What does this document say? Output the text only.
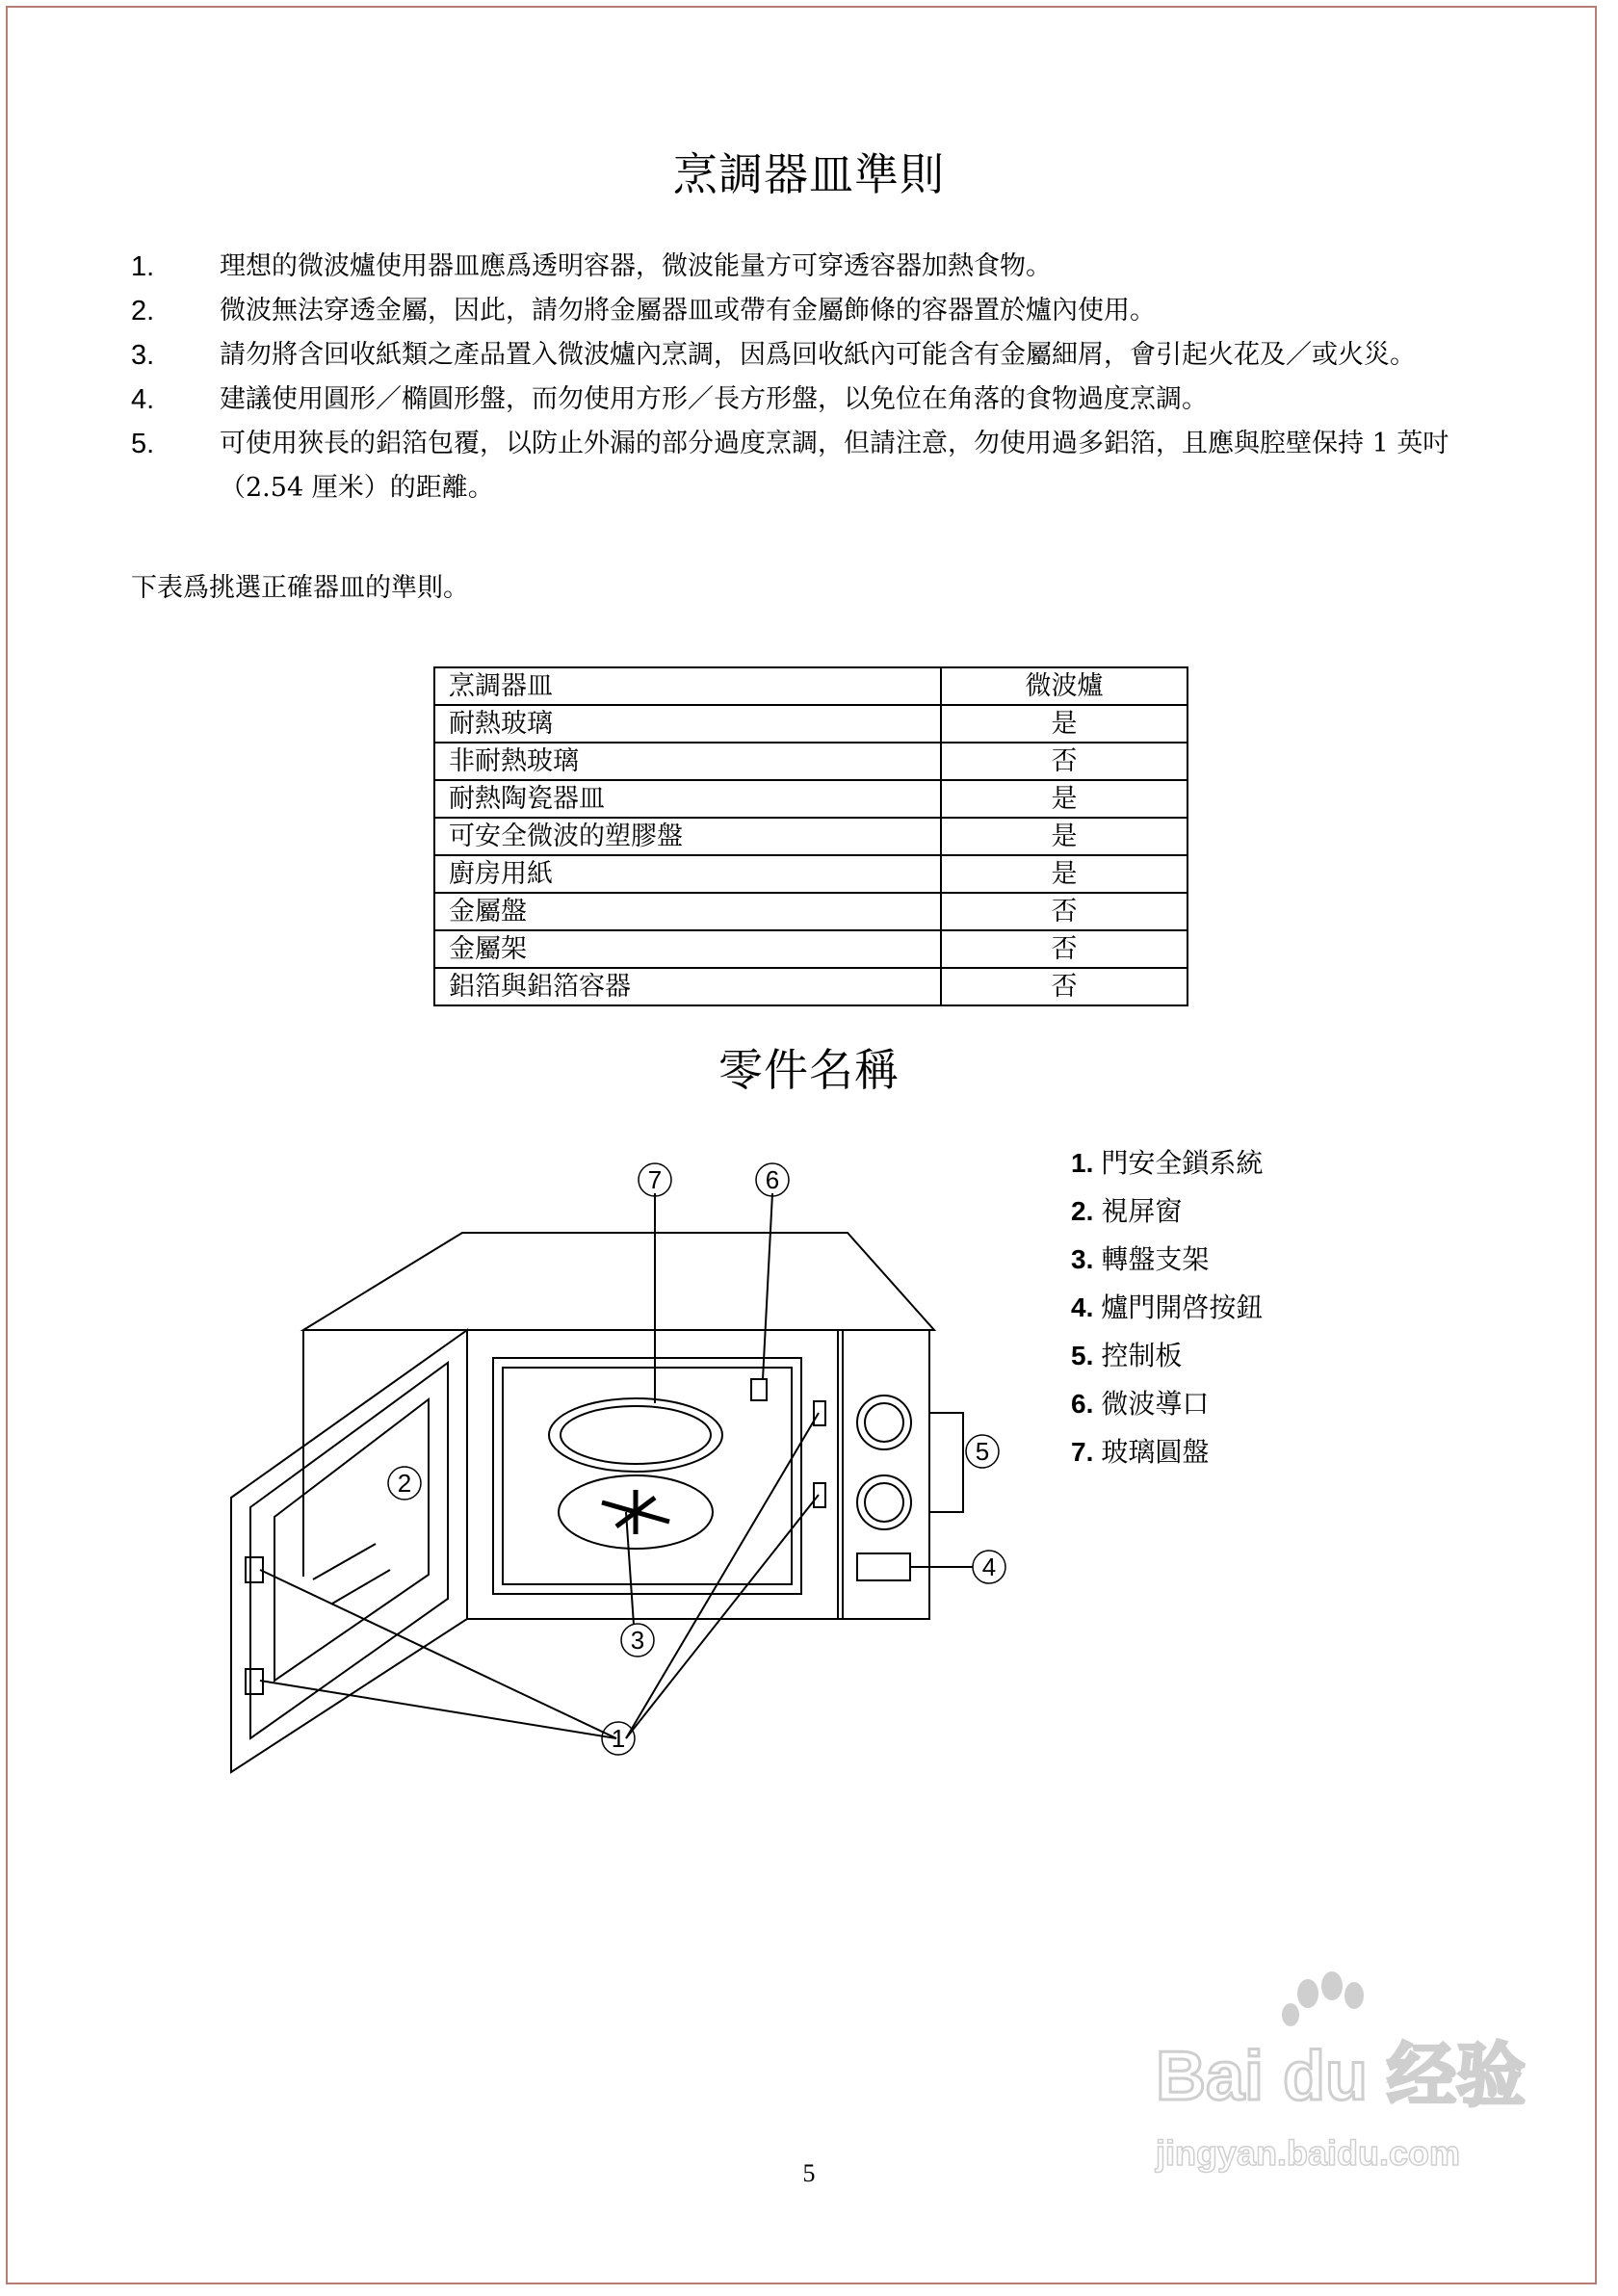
烹調器皿準則
1.	理想的微波爐使用器皿應爲透明容器，微波能量方可穿透容器加熱食物。
2.	微波無法穿透金屬，因此，請勿將金屬器皿或帶有金屬飾條的容器置於爐內使用。
3.	請勿將含回收紙類之產品置入微波爐內烹調，因爲回收紙內可能含有金屬細屑，會引起火花及／或火災。
4.	建議使用圓形／橢圓形盤，而勿使用方形／長方形盤，以免位在角落的食物過度烹調。
5.	可使用狹長的鋁箔包覆，以防止外漏的部分過度烹調，但請注意，勿使用過多鋁箔，且應與腔壁保持 1 英吋（2.54 厘米）的距離。
下表爲挑選正確器皿的準則。
烹調器皿	微波爐
耐熱玻璃	是
非耐熱玻璃	否
耐熱陶瓷器皿	是
可安全微波的塑膠盤	是
廚房用紙	是
金屬盤	否
金屬架	否
鋁箔與鋁箔容器	否
零件名稱
7	6
5
4
3
2
1
1. 門安全鎖系統
2. 視屏窗
3. 轉盤支架
4. 爐門開啓按鈕
5. 控制板
6. 微波導口
7. 玻璃圓盤
5
Bai du 经验
jingyan.baidu.com
